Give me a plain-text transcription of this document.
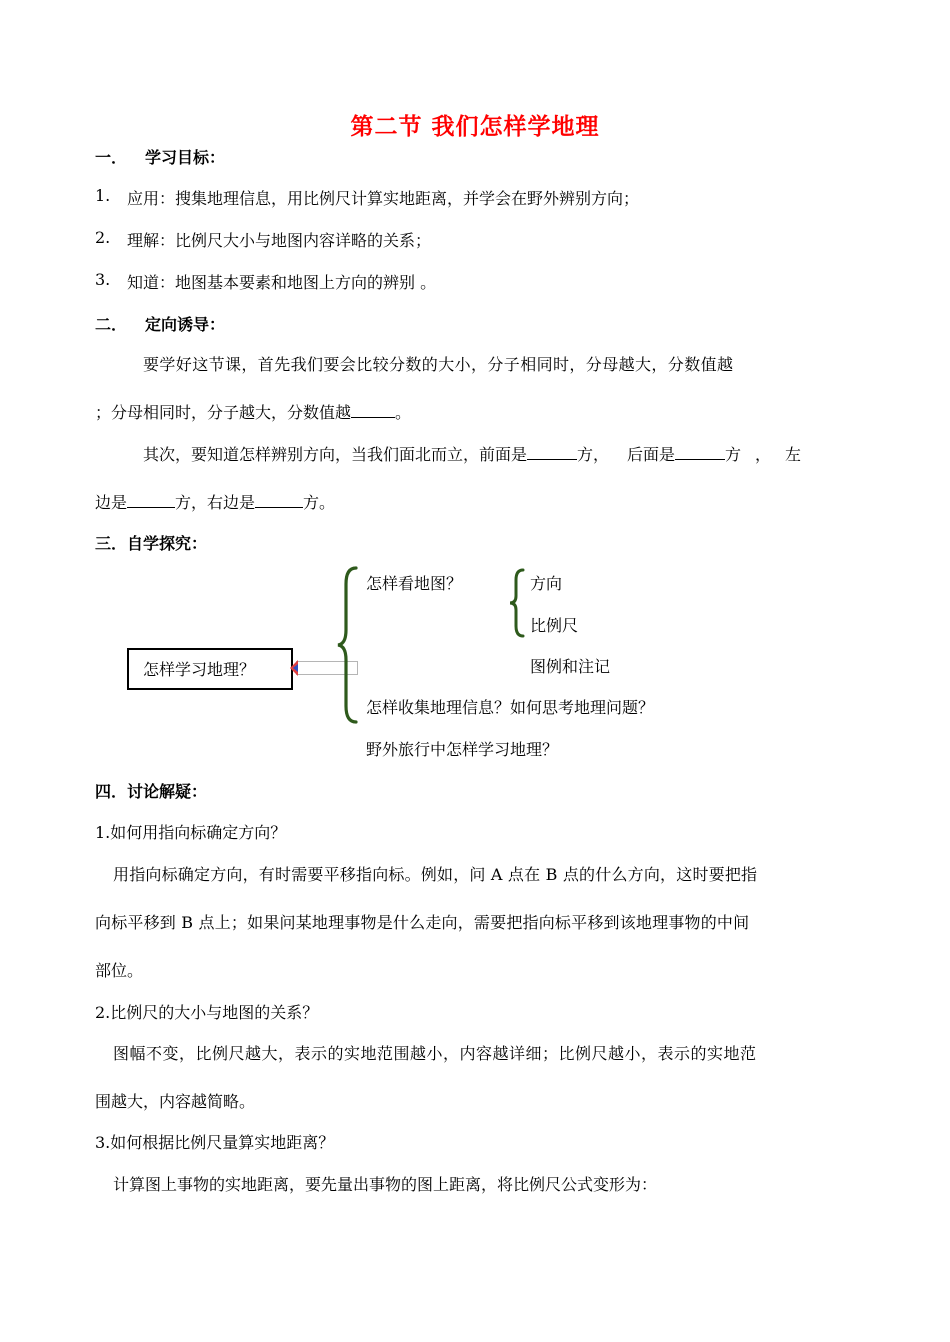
第二节 我们怎样学地理
一． 学习目标：
1. 应用：搜集地理信息，用比例尺计算实地距离，并学会在野外辨别方向；
2. 理解：比例尺大小与地图内容详略的关系；
3. 知道：地图基本要素和地图上方向的辨别 。
二． 定向诱导：
要学好这节课，首先我们要会比较分数的大小，分子相同时，分母越大，分数值越
；分母相同时，分子越大，分数值越	。
其次，要知道怎样辨别方向，当我们面北而立，前面是	方， 后面是	方，左
边是	方，右边是	方。
三．自学探究：
怎样学习地理？
怎样看地图？	方向
比例尺
图例和注记
怎样收集地理信息？如何思考地理问题？
野外旅行中怎样学习地理？
四．讨论解疑：
1.如何用指向标确定方向？
用指向标确定方向，有时需要平移指向标。例如，问 A 点在 B 点的什么方向，这时要把指
向标平移到 B 点上；如果问某地理事物是什么走向，需要把指向标平移到该地理事物的中间
部位。
2.比例尺的大小与地图的关系？
图幅不变，比例尺越大，表示的实地范围越小，内容越详细；比例尺越小，表示的实地范
围越大，内容越简略。
3.如何根据比例尺量算实地距离？
计算图上事物的实地距离，要先量出事物的图上距离，将比例尺公式变形为：
